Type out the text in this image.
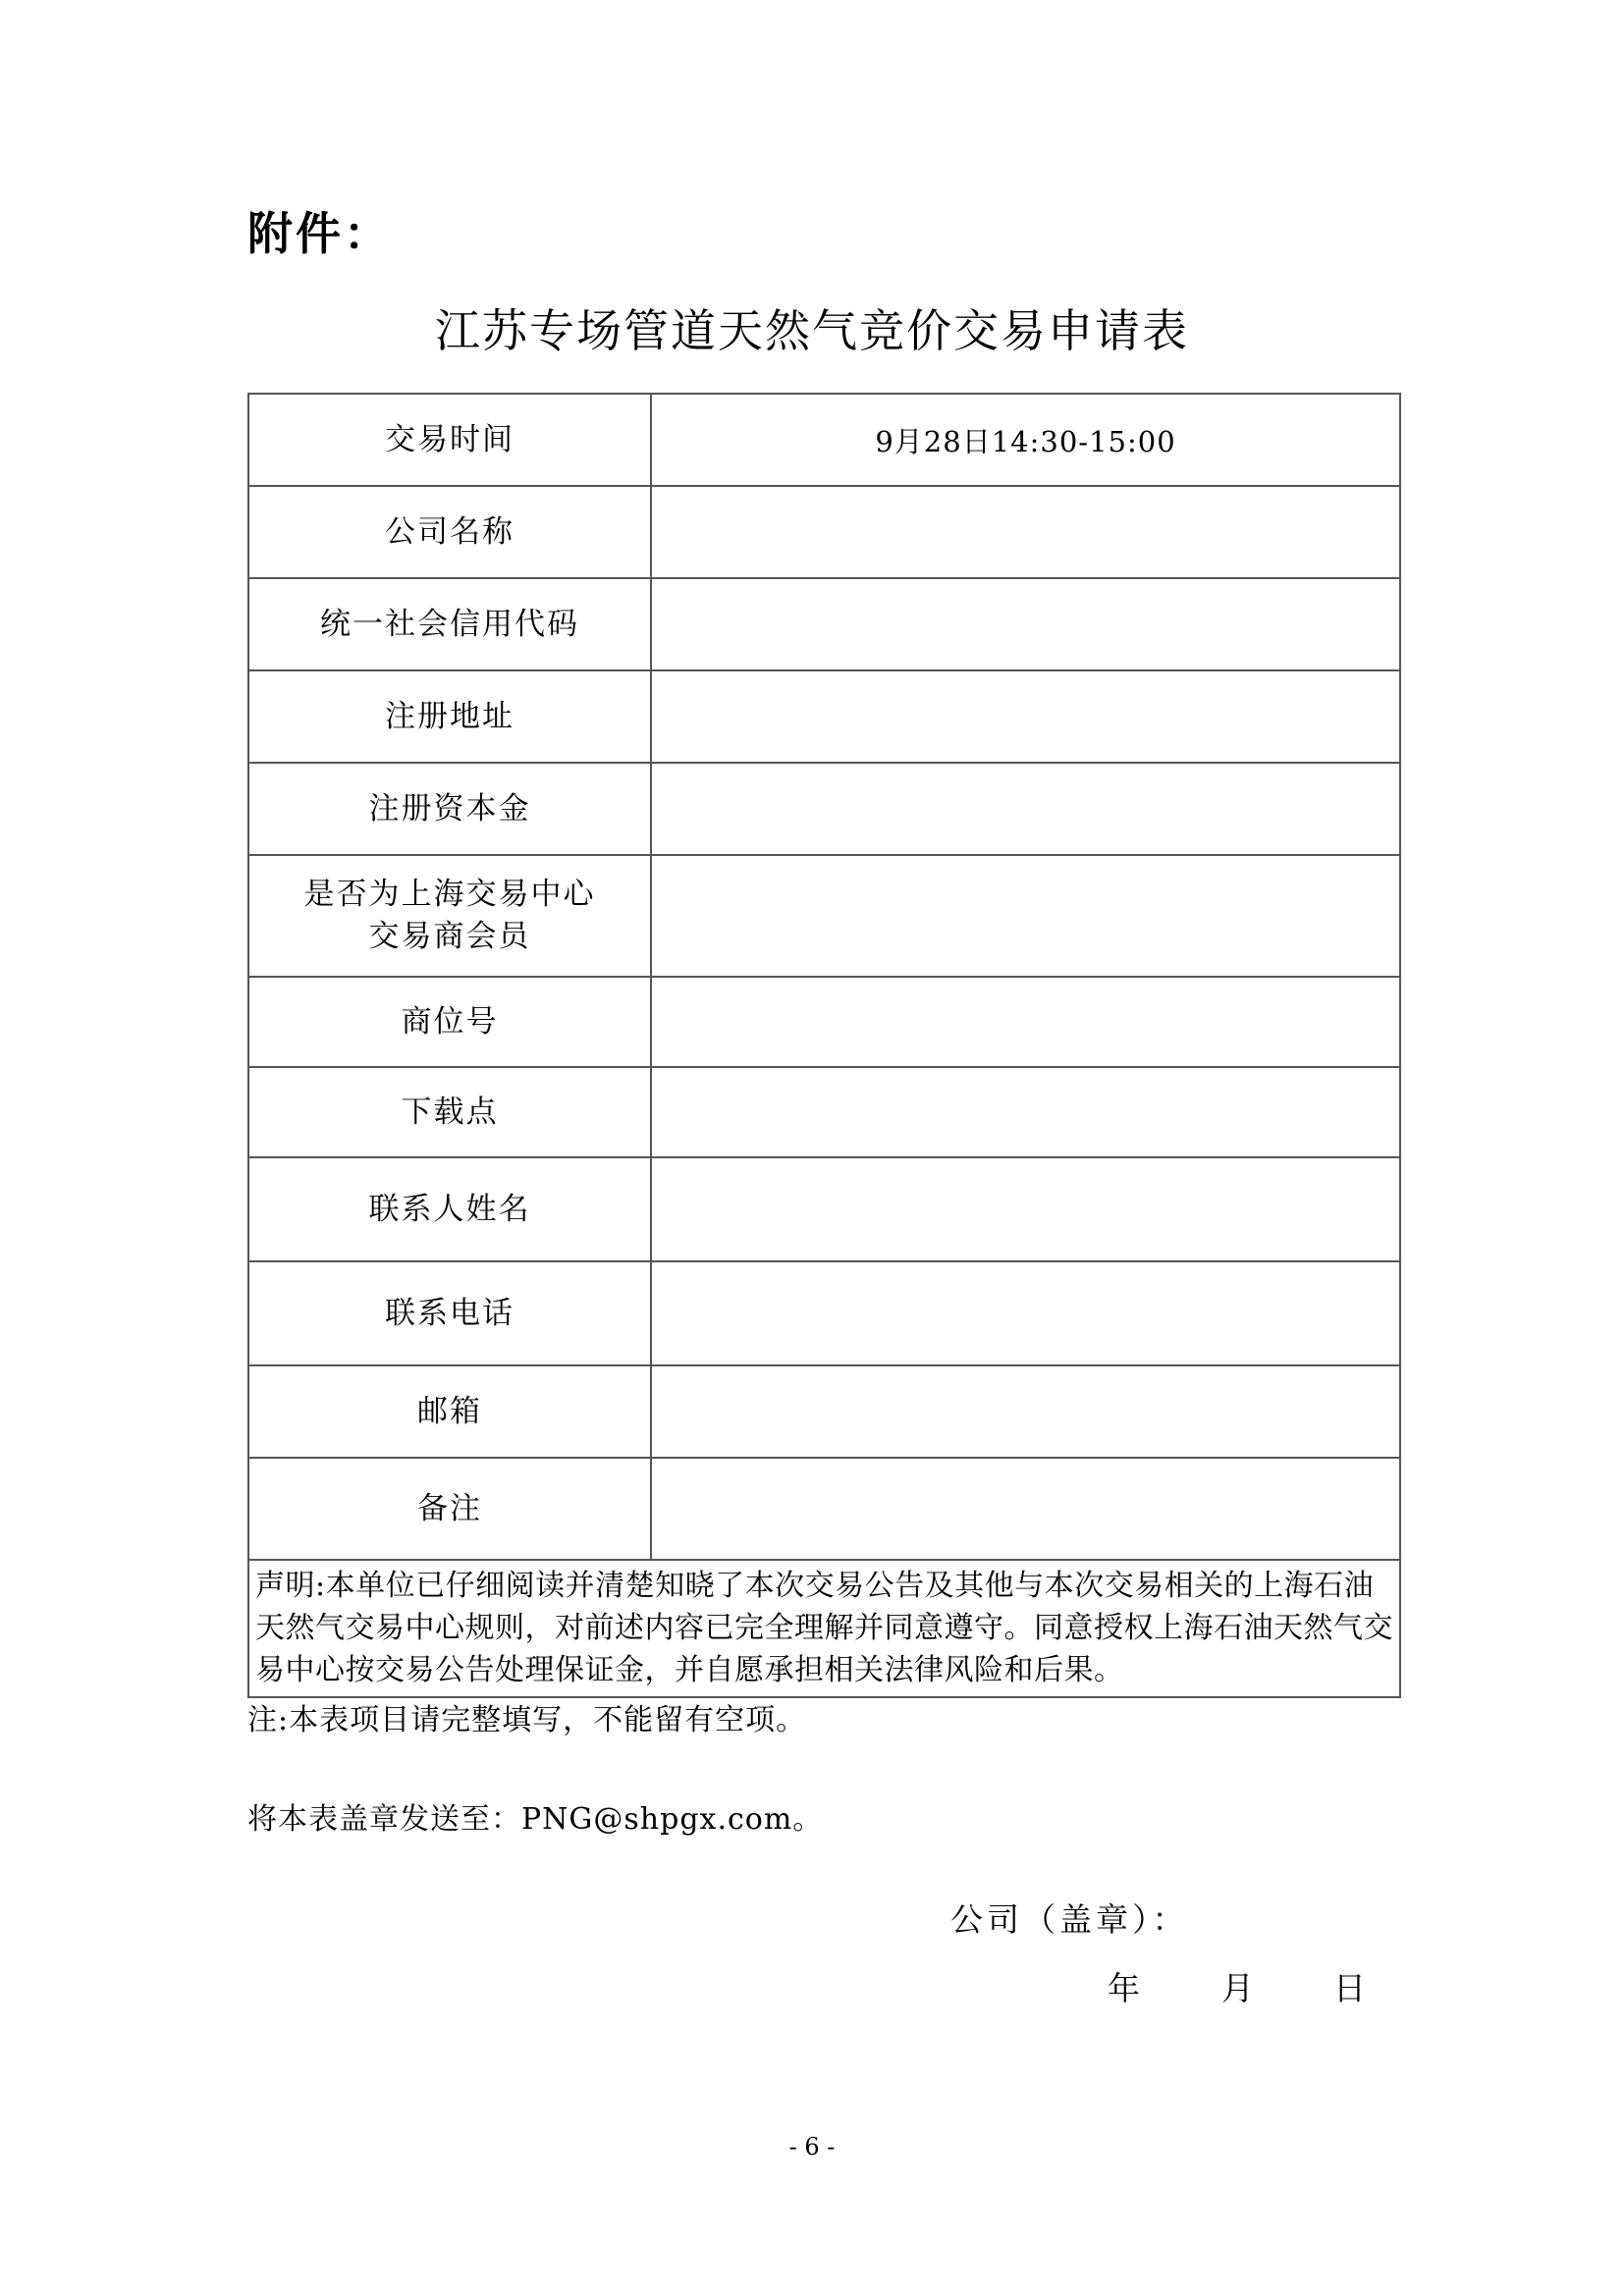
附件：
江苏专场管道天然气竞价交易申请表
交易时间	9月28日14:30-15:00
公司名称	
统一社会信用代码	
注册地址	
注册资本金	

是否为上海交易中心
交易商会员	

商位号	
下载点	
联系人姓名	
联系电话	
邮箱	
备注	
声明:本单位已仔细阅读并清楚知晓了本次交易公告及其他与本次交易相关的上海石油天然气交易中心规则，对前述内容已完全理解并同意遵守。同意授权上海石油天然气交易中心按交易公告处理保证金，并自愿承担相关法律风险和后果。	
注:本表项目请完整填写，不能留有空项。
将本表盖章发送至：PNG@shpgx.com。
公司（盖章）：
年	月 日
- 6 -
